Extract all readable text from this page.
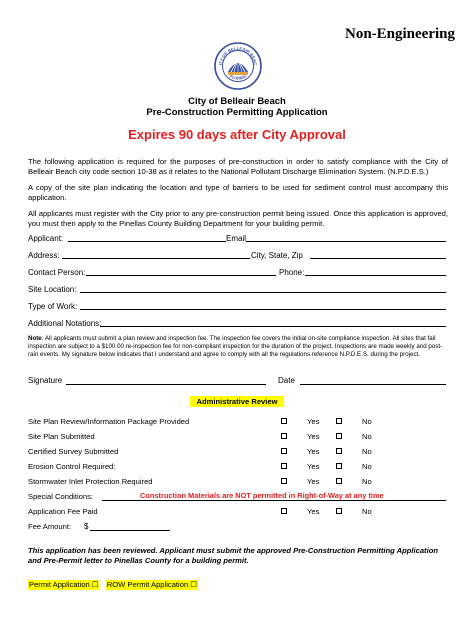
Non-Engineering
ITY OF BELLEAIR BEAC
FLORIDA
City of Belleair Beach
Pre-Construction Permitting Application
Expires 90 days after City Approval
The following application is required for the purposes of pre-construction in order to satisfy compliance with the City of Belleair Beach city code section 10-38 as it relates to the National Pollutant Discharge Elimination System. (N.P.D.E.S.)
A copy of the site plan indicating the location and type of barriers to be used for sediment control must accompany this application.
All applicants must register with the City prior to any pre-construction permit being issued. Once this application is approved, you must then apply to the Pinellas County Building Department for your building permit.
Applicant:	Email
Address:	City, State, Zip
Contact Person:	Phone:
Site Location:
Type of Work:
Additional Notations:
Note: All applicants must submit a plan review and inspection fee. The inspection fee covers the initial on-site compliance inspection. All sites that fail inspection are subject to a $100.00 re-inspection fee for non-compliant inspection for the duration of the project. Inspections are made weekly and post-rain events. My signature below indicates that I understand and agree to comply with all the regulations reference N.P.D.E.S. during the project.
Signature	Date
Administrative Review
Site Plan Review/Information Package Provided	Yes	No
Site Plan Submitted	Yes	No
Certified Survey Submitted	Yes	No
Erosion Control Required:	Yes	No
Stormwater Inlet Protection Required	Yes	No
Special Conditions:	Construction Materials are NOT permitted in Right-of-Way at any time
Application Fee Paid	Yes	No
Fee Amount: $
This application has been reviewed. Applicant must submit the approved Pre-Construction Permitting Application and Pre-Permit letter to Pinellas County for a building permit.
Permit Application ☐ ROW Permit Application ☐
